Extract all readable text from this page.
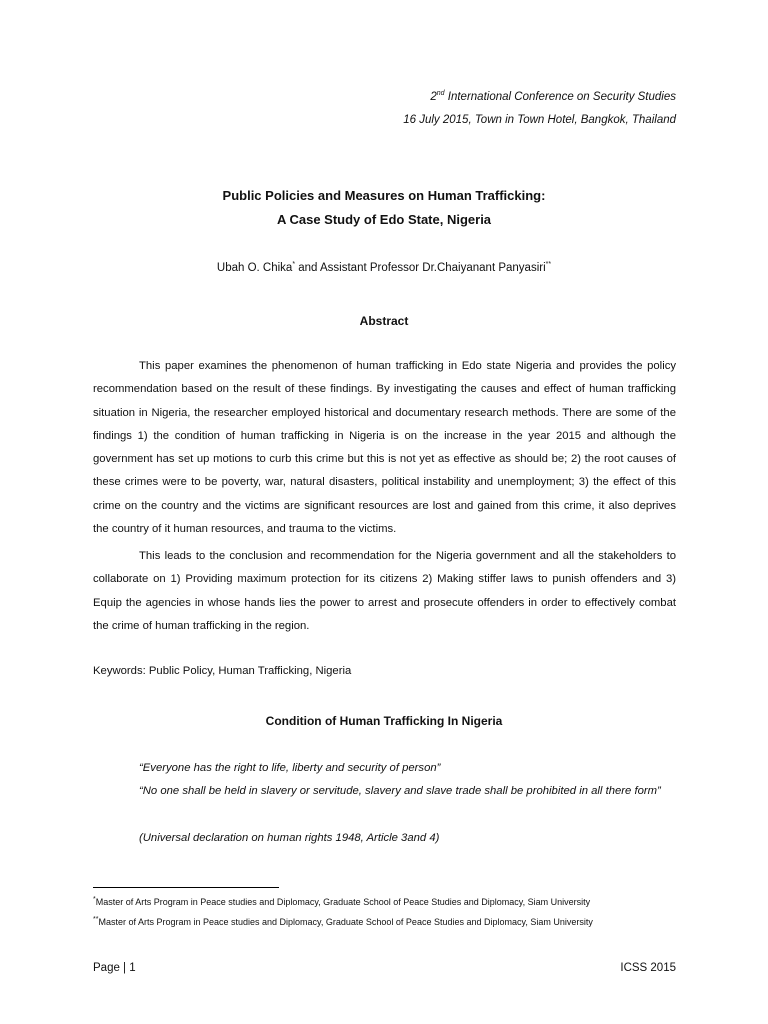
2nd International Conference on Security Studies
16 July 2015, Town in Town Hotel, Bangkok, Thailand
Public Policies and Measures on Human Trafficking:
A Case Study of Edo State, Nigeria
Ubah O. Chika* and Assistant Professor Dr.Chaiyanant Panyasiri**
Abstract
This paper examines the phenomenon of human trafficking in Edo state Nigeria and provides the policy recommendation based on the result of these findings. By investigating the causes and effect of human trafficking situation in Nigeria, the researcher employed historical and documentary research methods. There are some of the findings 1) the condition of human trafficking in Nigeria is on the increase in the year 2015 and although the government has set up motions to curb this crime but this is not yet as effective as should be; 2) the root causes of these crimes were to be poverty, war, natural disasters, political instability and unemployment; 3) the effect of this crime on the country and the victims are significant resources are lost and gained from this crime, it also deprives the country of it human resources, and trauma to the victims.
This leads to the conclusion and recommendation for the Nigeria government and all the stakeholders to collaborate on 1) Providing maximum protection for its citizens 2) Making stiffer laws to punish offenders and 3) Equip the agencies in whose hands lies the power to arrest and prosecute offenders in order to effectively combat the crime of human trafficking in the region.
Keywords: Public Policy, Human Trafficking, Nigeria
Condition of Human Trafficking In Nigeria
“Everyone has the right to life, liberty and security of person”
“No one shall be held in slavery or servitude, slavery and slave trade shall be prohibited in all there form”
(Universal declaration on human rights 1948, Article 3and 4)
*Master of Arts Program in Peace studies and Diplomacy, Graduate School of Peace Studies and Diplomacy, Siam University
**Master of Arts Program in Peace studies and Diplomacy, Graduate School of Peace Studies and Diplomacy, Siam University
Page | 1	ICSS 2015
